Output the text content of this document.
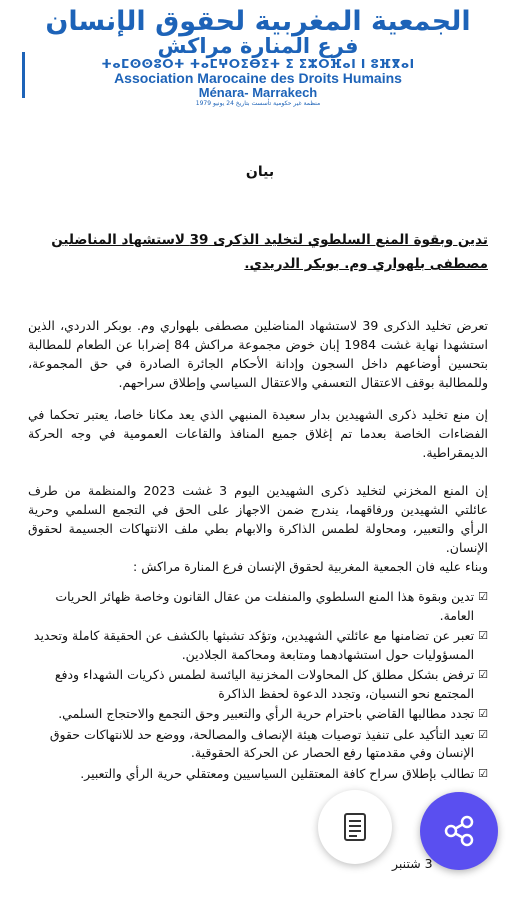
الجمعية المغربية لحقوق الإنسان
فرع المنارة مراكش
ⵜⴰⵎⵙⵙⵓⵔⵜ ⵜⴰⵎⵖⵔⵉⴱⵉⵜ ⵉ ⵉⵣⵔⴼⴰⵏ ⵏ ⵓⴼⴳⴰⵏ
Association Marocaine des Droits Humains
Ménara- Marrakech
منظمة غير حكومية تأسست بتاريخ 24 يونيو 1979
بيان
تدين وبقوة المنع السلطوي لتخليد الذكرى 39 لاستشهاد المناضلين مصطفى بلهواري وم. بوبكر الدريدي.
تعرض تخليد الذكرى 39 لاستشهاد المناضلين مصطفى بلهواري وم. بوبكر الدردي، الذين استشهدا نهاية غشت 1984 إبان خوض مجموعة مراكش 84 إضرابا عن الطعام للمطالبة بتحسين أوضاعهم داخل السجون وإدانة الأحكام الجائرة الصادرة في حق المجموعة، وللمطالبة بوقف الاعتقال التعسفي والاعتقال السياسي وإطلاق سراحهم.
إن منع تخليد ذكرى الشهيدين بدار سعيدة المنبهي الذي يعد مكانا خاصا، يعتبر تحكما في الفضاءات الخاصة بعدما تم إغلاق جميع المنافذ والقاعات العمومية في وجه الحركة الديمقراطية.
إن المنع المخزني لتخليد ذكرى الشهيدين اليوم 3 غشت 2023 والمنظمة من طرف عائلتي الشهيدين ورفاقهما، يندرج ضمن الاجهاز على الحق في التجمع السلمي وحرية الرأي والتعبير، ومحاولة لطمس الذاكرة والابهام بطي ملف الانتهاكات الجسيمة لحقوق الإنسان.
وبناء عليه فان الجمعية المغربية لحقوق الإنسان فرع المنارة مراكش :
☑
تدين وبقوة هذا المنع السلطوي والمنفلت من عقال القانون وخاصة ظهائر الحريات العامة.
☑
تعبر عن تضامنها مع عائلتي الشهيدين، وتؤكد تشبثها بالكشف عن الحقيقة كاملة وتحديد المسؤوليات حول استشهادهما ومتابعة ومحاكمة الجلادين.
☑
ترفض بشكل مطلق كل المحاولات المخزنية اليائسة لطمس ذكريات الشهداء ودفع المجتمع نحو النسيان، وتجدد الدعوة لحفظ الذاكرة
☑
تجدد مطالبها القاضي باحترام حرية الرأي والتعبير وحق التجمع والاحتجاج السلمي.
☑
تعيد التأكيد على تنفيذ توصيات هيئة الإنصاف والمصالحة، ووضع حد للانتهاكات حقوق الإنسان وفي مقدمتها رفع الحصار عن الحركة الحقوقية.
☑
تطالب بإطلاق سراح كافة المعتقلين السياسيين ومعتقلي حرية الرأي والتعبير.
3 شتنبر
